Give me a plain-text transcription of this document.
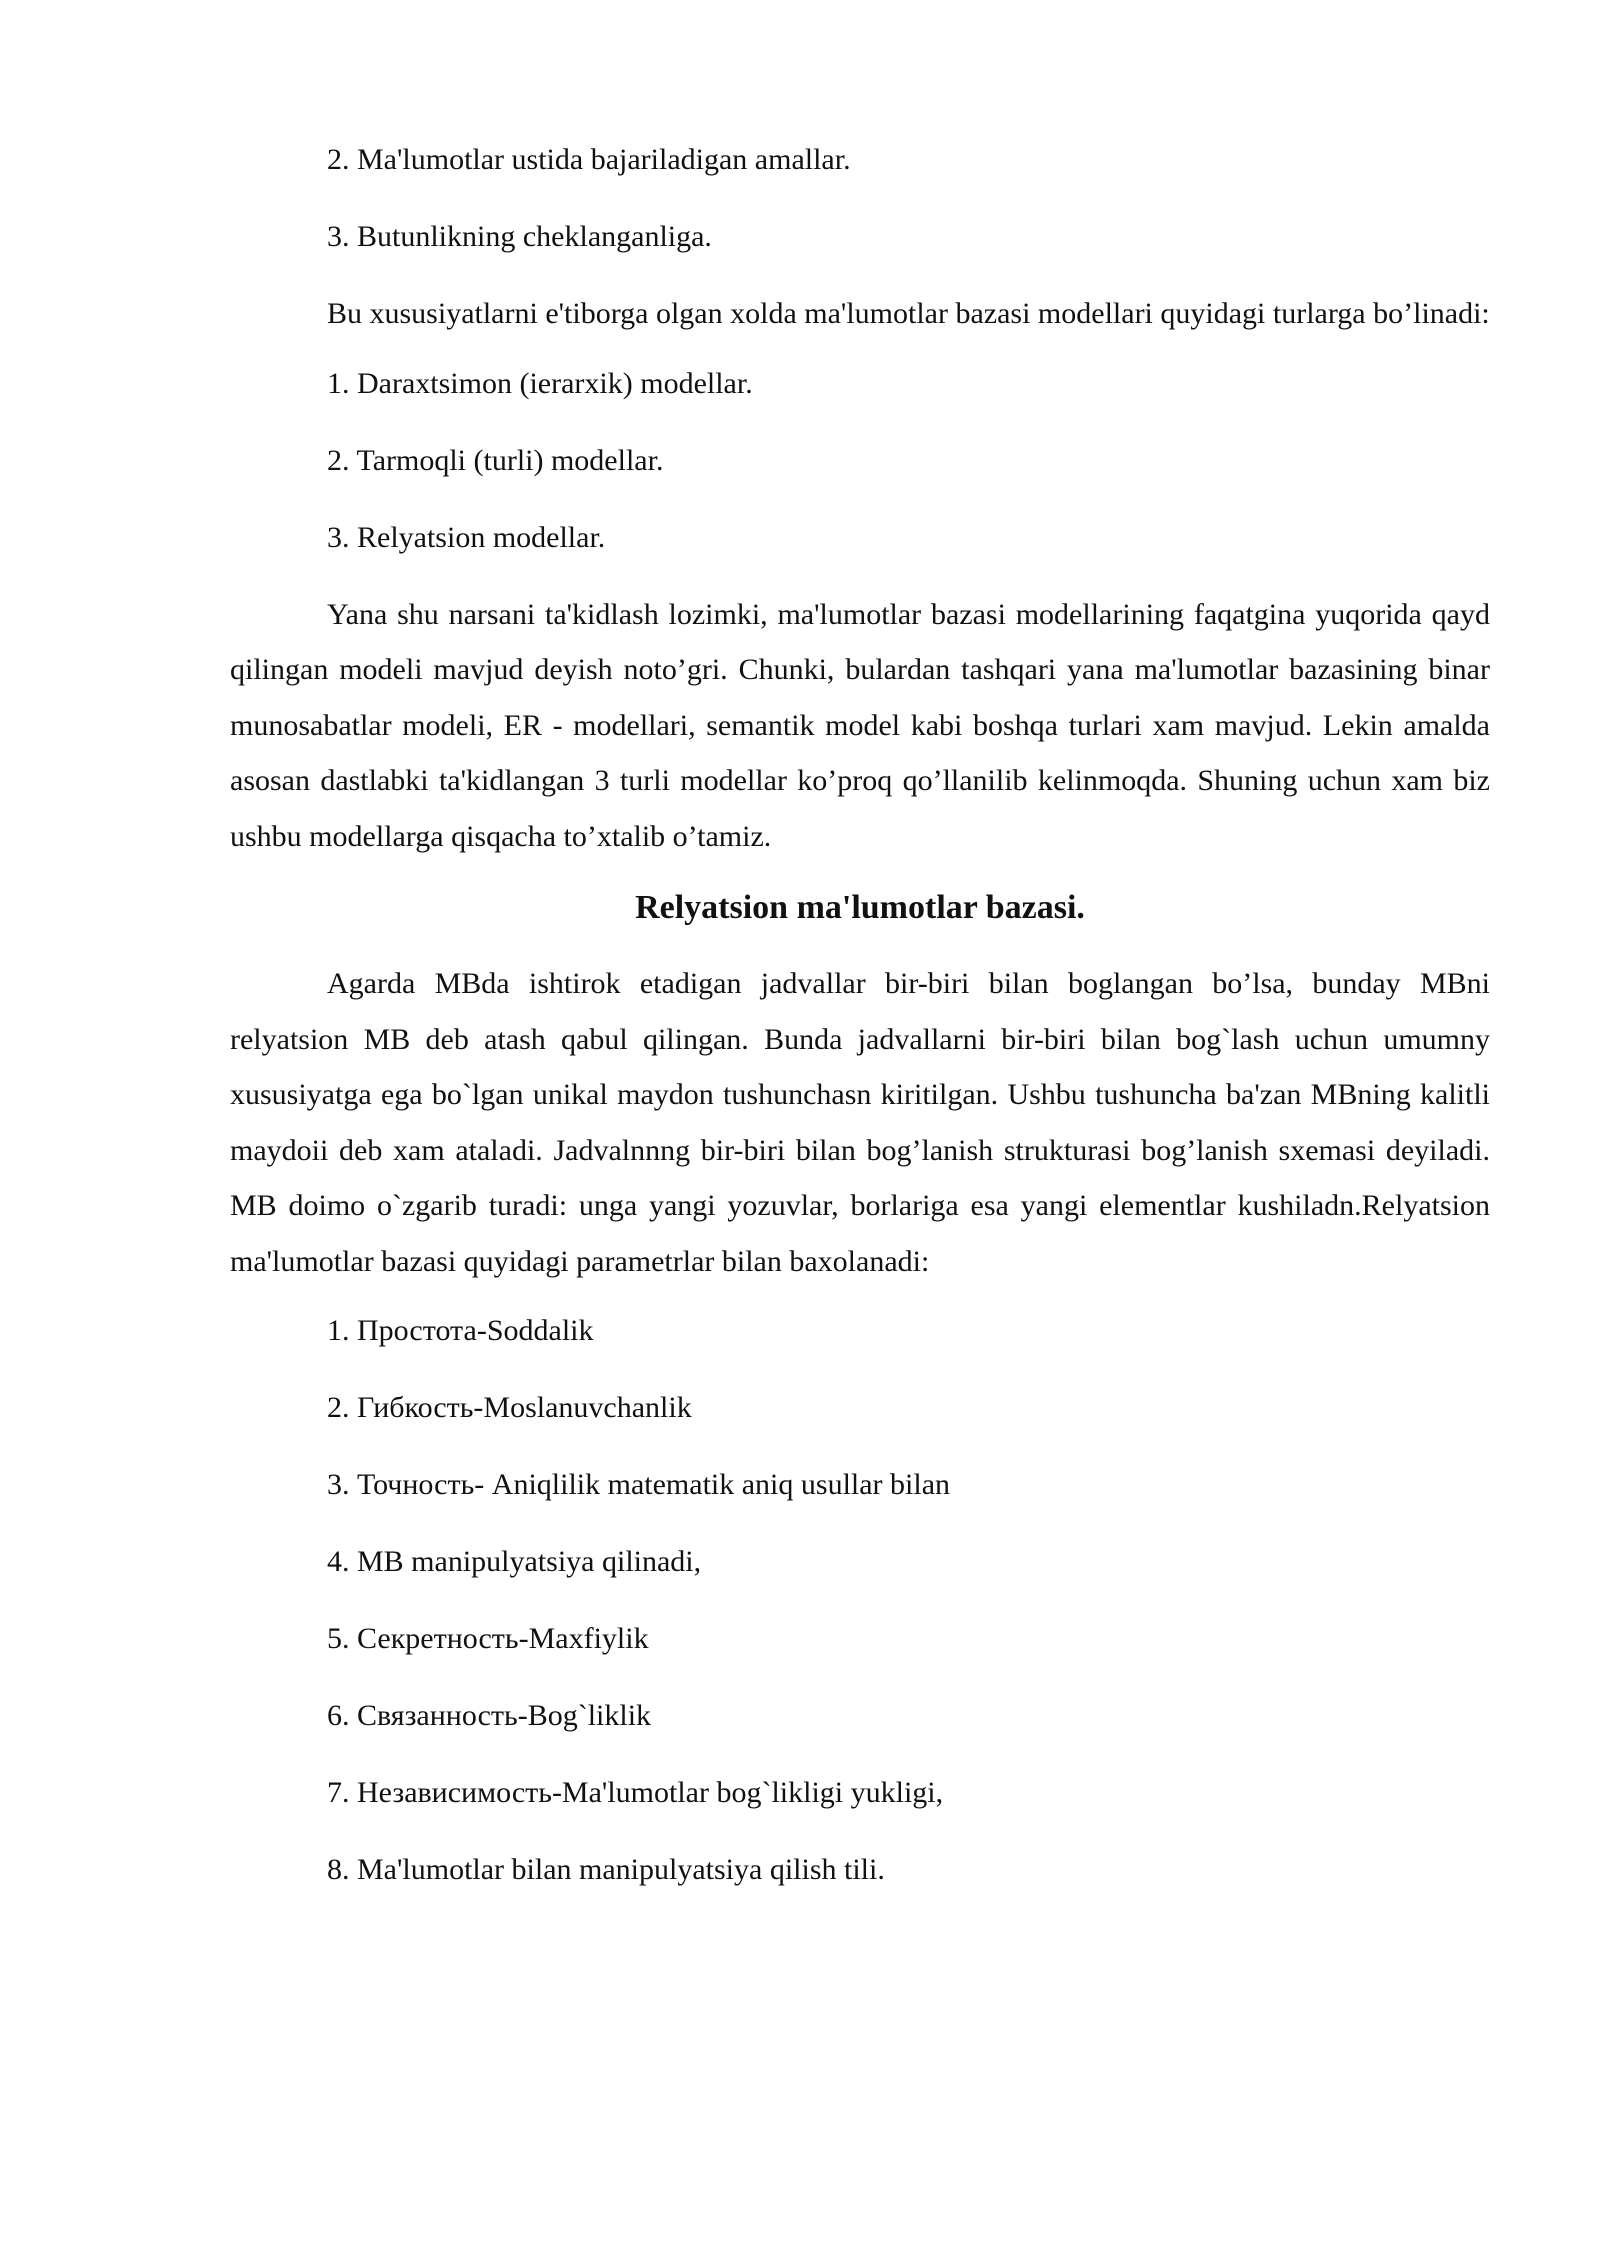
2. Ma'lumotlar ustida bajariladigan amallar.
3. Butunlikning cheklanganliga.

Bu xususiyatlarni e'tiborga olgan xolda ma'lumotlar bazasi modellari quyidagi turlarga bo’linadi:

1. Daraxtsimon (ierarxik) modellar.
2. Tarmoqli (turli) modellar.
3. Relyatsion modellar.

Yana shu narsani ta'kidlash lozimki, ma'lumotlar bazasi modellarining faqatgina yuqorida qayd qilingan modeli mavjud deyish noto’gri. Chunki, bulardan tashqari yana ma'lumotlar bazasining binar munosabatlar modeli, ER - modellari, semantik model kabi boshqa turlari xam mavjud. Lekin amalda asosan dastlabki ta'kidlangan 3 turli modellar ko’proq qo’llanilib kelinmoqda. Shuning uchun xam biz ushbu modellarga qisqacha to’xtalib o’tamiz.

Relyatsion ma'lumotlar bazasi.

Agarda MBda ishtirok etadigan jadvallar bir-biri bilan boglangan bo’lsa, bunday MBni relyatsion MB deb atash qabul qilingan. Bunda jadvallarni bir-biri bilan bog`lash uchun umumny xususiyatga ega bo`lgan unikal maydon tushunchasn kiritilgan. Ushbu tushuncha ba'zan MBning kalitli maydoii deb xam ataladi. Jadvalnnng bir-biri bilan bog’lanish strukturasi bog’lanish sxemasi deyiladi. MB doimo o`zgarib turadi: unga yangi yozuvlar, borlariga esa yangi elementlar kushiladn.Relyatsion ma'lumotlar bazasi quyidagi parametrlar bilan baxolanadi:

1. Простота-Soddalik
2. Гибкость-Moslanuvchanlik
3. Точность- Aniqlilik matematik aniq usullar bilan
4. MB manipulyatsiya qilinadi,
5. Секретность-Maxfiylik
6. Связанность-Bog`liklik
7. Независимость-Ma'lumotlar bog`likligi yukligi,
8. Ma'lumotlar bilan manipulyatsiya qilish tili.
